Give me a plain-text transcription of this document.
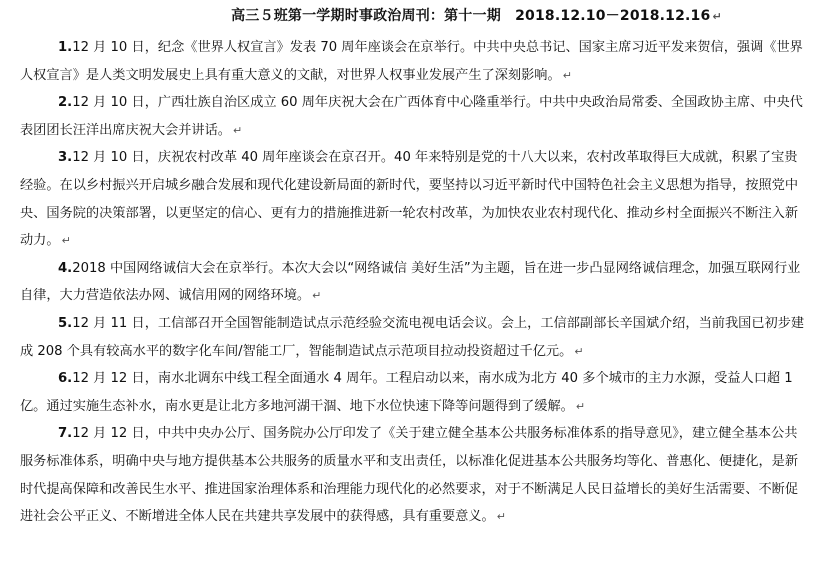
高三５班第一学期时事政治周刊：第十一期　2018.12.10－2018.12.16 ↵

1.12 月 10 日，纪念《世界人权宣言》发表 70 周年座谈会在京举行。中共中央总书记、国家主席习近平发来贺信，强调《世界人权宣言》是人类文明发展史上具有重大意义的文献，对世界人权事业发展产生了深刻影响。 ↵

2.12 月 10 日，广西壮族自治区成立 60 周年庆祝大会在广西体育中心隆重举行。中共中央政治局常委、全国政协主席、中央代表团团长汪洋出席庆祝大会并讲话。 ↵

3.12 月 10 日，庆祝农村改革 40 周年座谈会在京召开。40 年来特别是党的十八大以来，农村改革取得巨大成就，积累了宝贵经验。在以乡村振兴开启城乡融合发展和现代化建设新局面的新时代，要坚持以习近平新时代中国特色社会主义思想为指导，按照党中央、国务院的决策部署，以更坚定的信心、更有力的措施推进新一轮农村改革，为加快农业农村现代化、推动乡村全面振兴不断注入新动力。 ↵

4.2018 中国网络诚信大会在京举行。本次大会以“网络诚信 美好生活”为主题，旨在进一步凸显网络诚信理念，加强互联网行业自律，大力营造依法办网、诚信用网的网络环境。 ↵

5.12 月 11 日，工信部召开全国智能制造试点示范经验交流电视电话会议。会上，工信部副部长辛国斌介绍，当前我国已初步建成 208 个具有较高水平的数字化车间/智能工厂，智能制造试点示范项目拉动投资超过千亿元。 ↵

6.12 月 12 日，南水北调东中线工程全面通水 4 周年。工程启动以来，南水成为北方 40 多个城市的主力水源，受益人口超 1 亿。通过实施生态补水，南水更是让北方多地河湖干涸、地下水位快速下降等问题得到了缓解。 ↵

7.12 月 12 日，中共中央办公厅、国务院办公厅印发了《关于建立健全基本公共服务标准体系的指导意见》，建立健全基本公共服务标准体系，明确中央与地方提供基本公共服务的质量水平和支出责任，以标准化促进基本公共服务均等化、普惠化、便捷化，是新时代提高保障和改善民生水平、推进国家治理体系和治理能力现代化的必然要求，对于不断满足人民日益增长的美好生活需要、不断促进社会公平正义、不断增进全体人民在共建共享发展中的获得感，具有重要意义。 ↵
